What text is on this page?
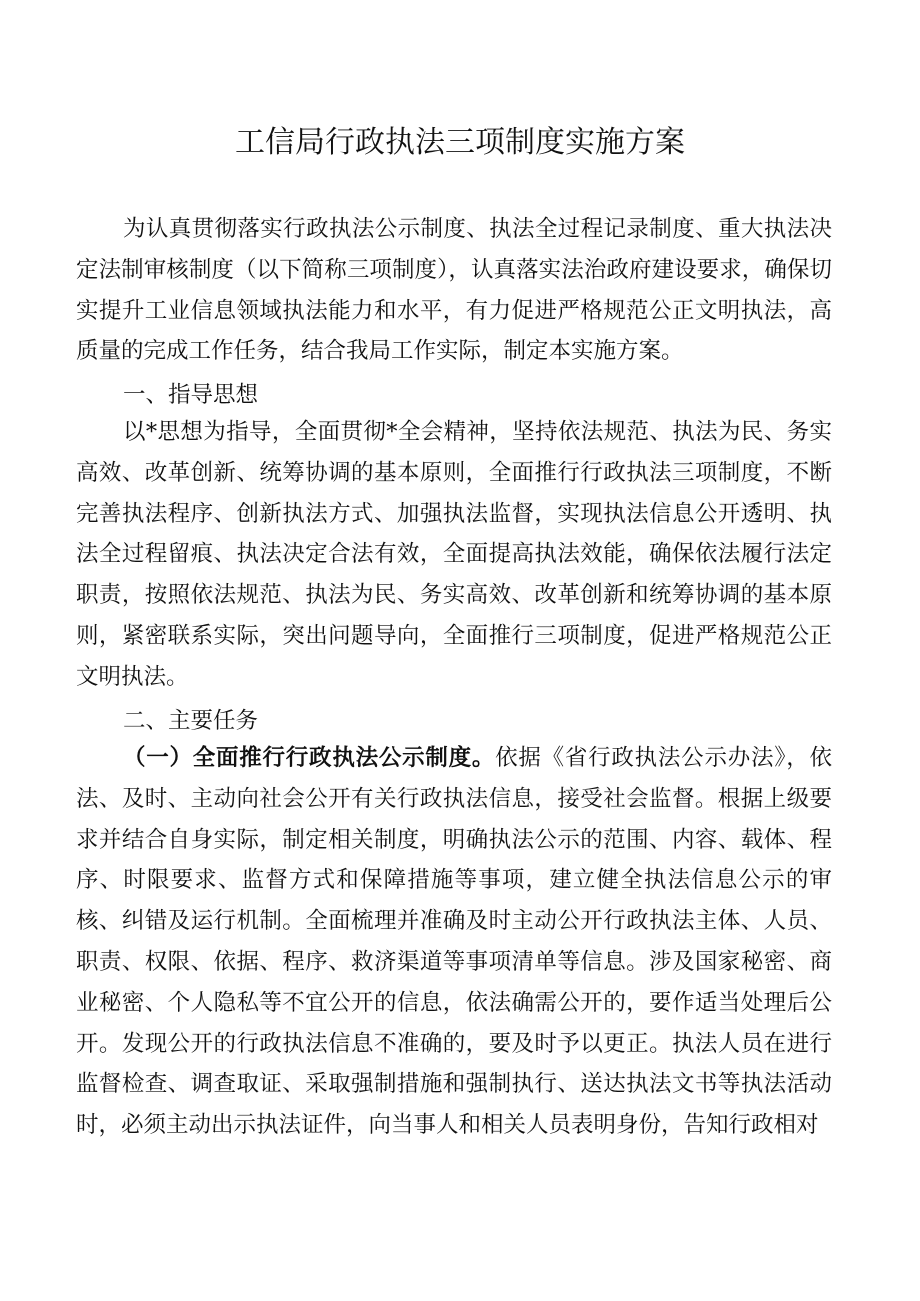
工信局行政执法三项制度实施方案

为认真贯彻落实行政执法公示制度、执法全过程记录制度、重大执法决定法制审核制度（以下简称三项制度），认真落实法治政府建设要求，确保切实提升工业信息领域执法能力和水平，有力促进严格规范公正文明执法，高质量的完成工作任务，结合我局工作实际，制定本实施方案。

一、指导思想

以*思想为指导，全面贯彻*全会精神，坚持依法规范、执法为民、务实高效、改革创新、统筹协调的基本原则，全面推行行政执法三项制度，不断完善执法程序、创新执法方式、加强执法监督，实现执法信息公开透明、执法全过程留痕、执法决定合法有效，全面提高执法效能，确保依法履行法定职责，按照依法规范、执法为民、务实高效、改革创新和统筹协调的基本原则，紧密联系实际，突出问题导向，全面推行三项制度，促进严格规范公正文明执法。

二、主要任务

（一）全面推行行政执法公示制度。依据《省行政执法公示办法》，依法、及时、主动向社会公开有关行政执法信息，接受社会监督。根据上级要求并结合自身实际，制定相关制度，明确执法公示的范围、内容、载体、程序、时限要求、监督方式和保障措施等事项，建立健全执法信息公示的审核、纠错及运行机制。全面梳理并准确及时主动公开行政执法主体、人员、职责、权限、依据、程序、救济渠道等事项清单等信息。涉及国家秘密、商业秘密、个人隐私等不宜公开的信息，依法确需公开的，要作适当处理后公开。发现公开的行政执法信息不准确的，要及时予以更正。执法人员在进行监督检查、调查取证、采取强制措施和强制执行、送达执法文书等执法活动时，必须主动出示执法证件，向当事人和相关人员表明身份，告知行政相对
